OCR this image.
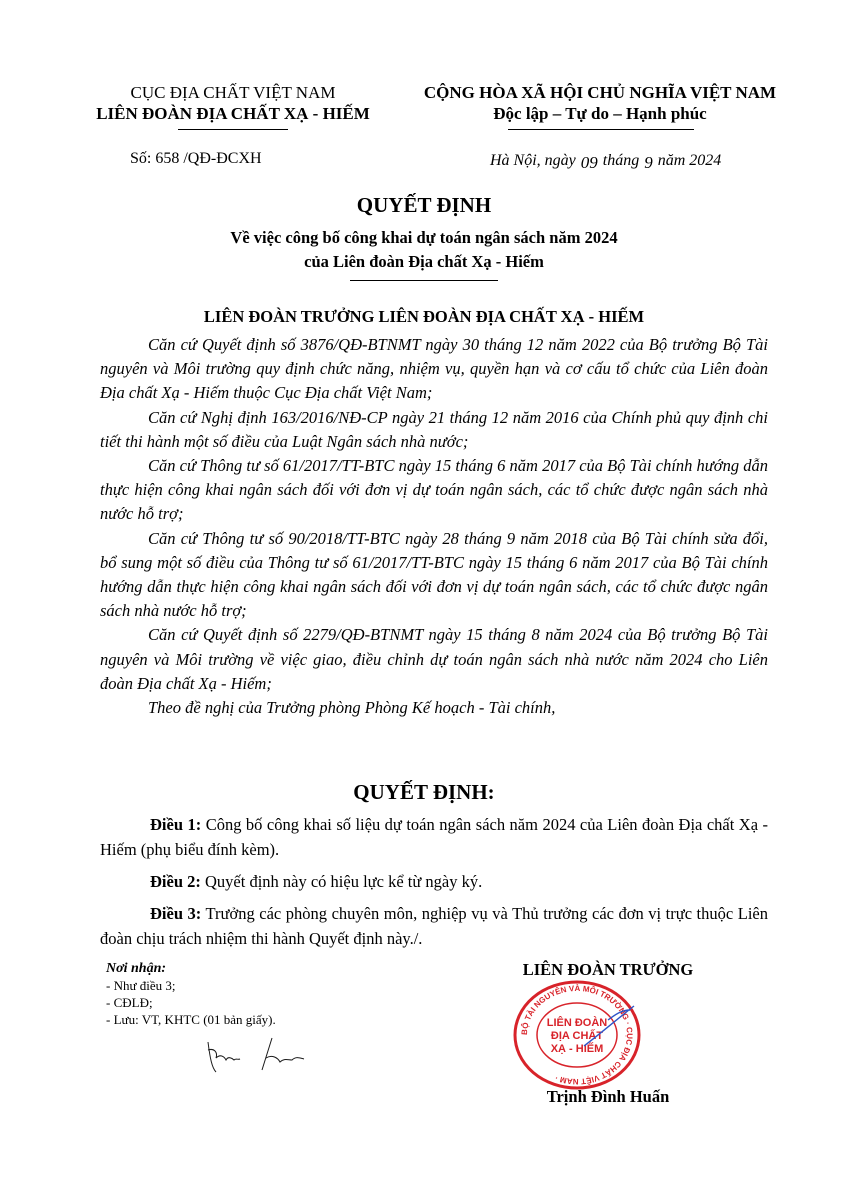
CỤC ĐỊA CHẤT VIỆT NAM
LIÊN ĐOÀN ĐỊA CHẤT XẠ - HIẾM
CỘNG HÒA XÃ HỘI CHỦ NGHĨA VIỆT NAM
Độc lập – Tự do – Hạnh phúc
Số: 658 /QĐ-ĐCXH	Hà Nội, ngày 09 tháng 9 năm 2024
QUYẾT ĐỊNH
Về việc công bố công khai dự toán ngân sách năm 2024
của Liên đoàn Địa chất Xạ - Hiếm
LIÊN ĐOÀN TRƯỞNG LIÊN ĐOÀN ĐỊA CHẤT XẠ - HIẾM

Căn cứ Quyết định số 3876/QĐ-BTNMT ngày 30 tháng 12 năm 2022 của Bộ trưởng Bộ Tài nguyên và Môi trường quy định chức năng, nhiệm vụ, quyền hạn và cơ cấu tổ chức của Liên đoàn Địa chất Xạ - Hiếm thuộc Cục Địa chất Việt Nam;

Căn cứ Nghị định 163/2016/NĐ-CP ngày 21 tháng 12 năm 2016 của Chính phủ quy định chi tiết thi hành một số điều của Luật Ngân sách nhà nước;

Căn cứ Thông tư số 61/2017/TT-BTC ngày 15 tháng 6 năm 2017 của Bộ Tài chính hướng dẫn thực hiện công khai ngân sách đối với đơn vị dự toán ngân sách, các tổ chức được ngân sách nhà nước hỗ trợ;

Căn cứ Thông tư số 90/2018/TT-BTC ngày 28 tháng 9 năm 2018 của Bộ Tài chính sửa đổi, bổ sung một số điều của Thông tư số 61/2017/TT-BTC ngày 15 tháng 6 năm 2017 của Bộ Tài chính hướng dẫn thực hiện công khai ngân sách đối với đơn vị dự toán ngân sách, các tổ chức được ngân sách nhà nước hỗ trợ;

Căn cứ Quyết định số 2279/QĐ-BTNMT ngày 15 tháng 8 năm 2024 của Bộ trưởng Bộ Tài nguyên và Môi trường về việc giao, điều chỉnh dự toán ngân sách nhà nước năm 2024 cho Liên đoàn Địa chất Xạ - Hiếm;

Theo đề nghị của Trưởng phòng Phòng Kế hoạch - Tài chính,

QUYẾT ĐỊNH:

Điều 1: Công bố công khai số liệu dự toán ngân sách năm 2024 của Liên đoàn Địa chất Xạ - Hiếm (phụ biểu đính kèm).

Điều 2: Quyết định này có hiệu lực kể từ ngày ký.

Điều 3: Trưởng các phòng chuyên môn, nghiệp vụ và Thủ trưởng các đơn vị trực thuộc Liên đoàn chịu trách nhiệm thi hành Quyết định này./.

Nơi nhận:
- Như điều 3;
- CĐLĐ;
- Lưu: VT, KHTC (01 bản giấy).
LIÊN ĐOÀN TRƯỞNG
BỘ TÀI NGUYÊN VÀ MÔI TRƯỜNG · CỤC ĐỊA CHẤT VIỆT NAM ·
LIÊN ĐOÀN
ĐỊA CHẤT
XẠ - HIẾM
Trịnh Đình Huấn
